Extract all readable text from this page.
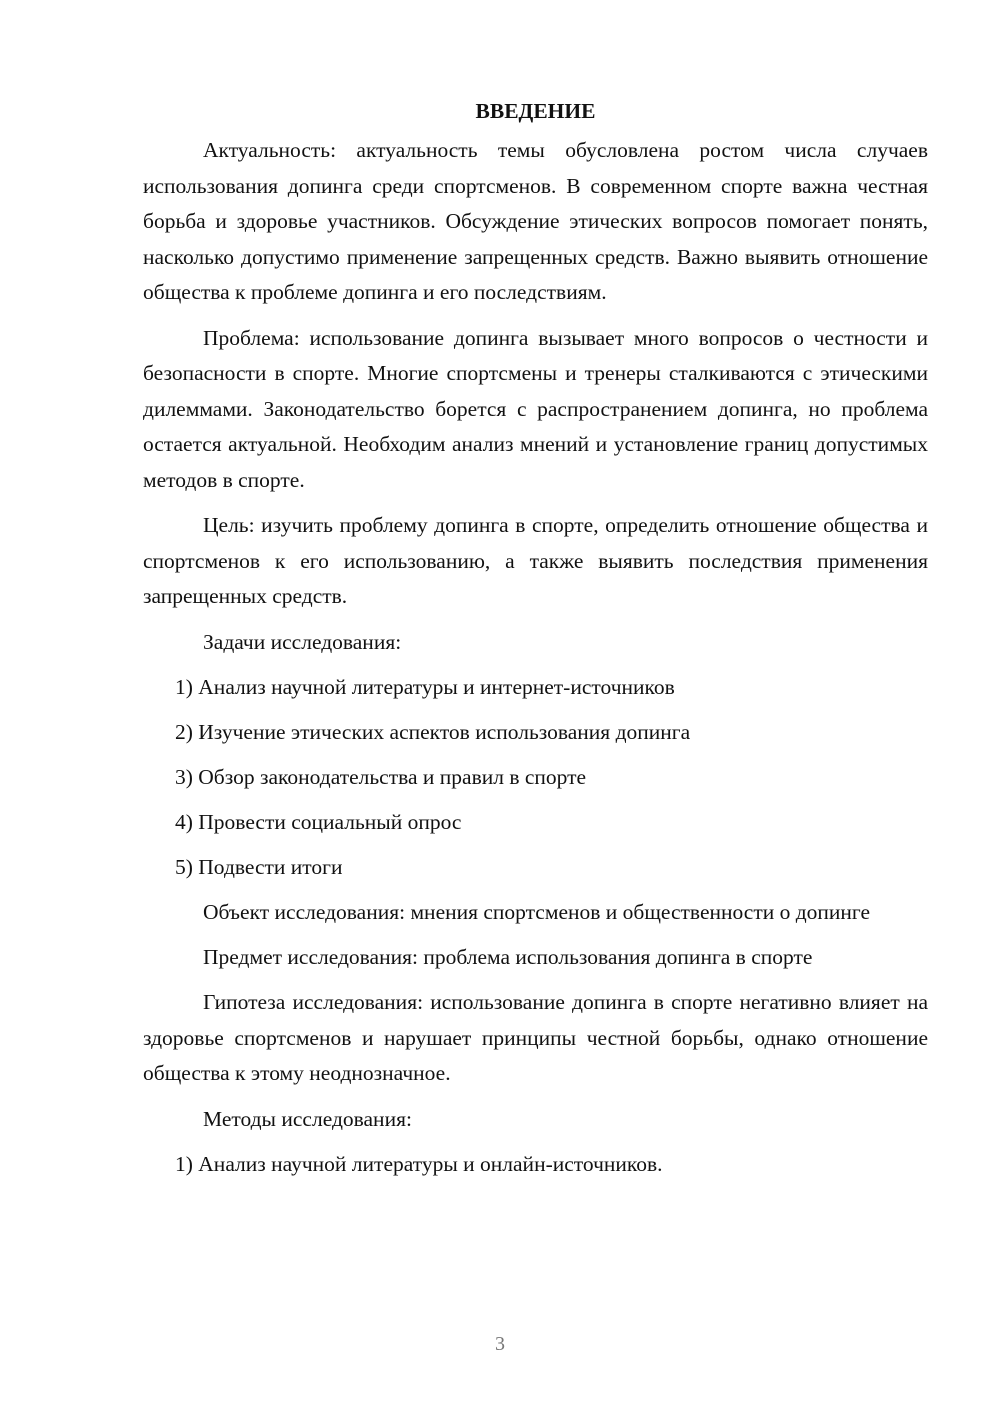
ВВЕДЕНИЕ
Актуальность: актуальность темы обусловлена ростом числа случаев использования допинга среди спортсменов. В современном спорте важна честная борьба и здоровье участников. Обсуждение этических вопросов помогает понять, насколько допустимо применение запрещенных средств. Важно выявить отношение общества к проблеме допинга и его последствиям.
Проблема: использование допинга вызывает много вопросов о честности и безопасности в спорте. Многие спортсмены и тренеры сталкиваются с этическими дилеммами. Законодательство борется с распространением допинга, но проблема остается актуальной. Необходим анализ мнений и установление границ допустимых методов в спорте.
Цель: изучить проблему допинга в спорте, определить отношение общества и спортсменов к его использованию, а также выявить последствия применения запрещенных средств.
Задачи исследования:
1) Анализ научной литературы и интернет-источников
2) Изучение этических аспектов использования допинга
3) Обзор законодательства и правил в спорте
4) Провести социальный опрос
5) Подвести итоги
Объект исследования: мнения спортсменов и общественности о допинге
Предмет исследования: проблема использования допинга в спорте
Гипотеза исследования: использование допинга в спорте негативно влияет на здоровье спортсменов и нарушает принципы честной борьбы, однако отношение общества к этому неоднозначное.
Методы исследования:
1) Анализ научной литературы и онлайн-источников.
3
